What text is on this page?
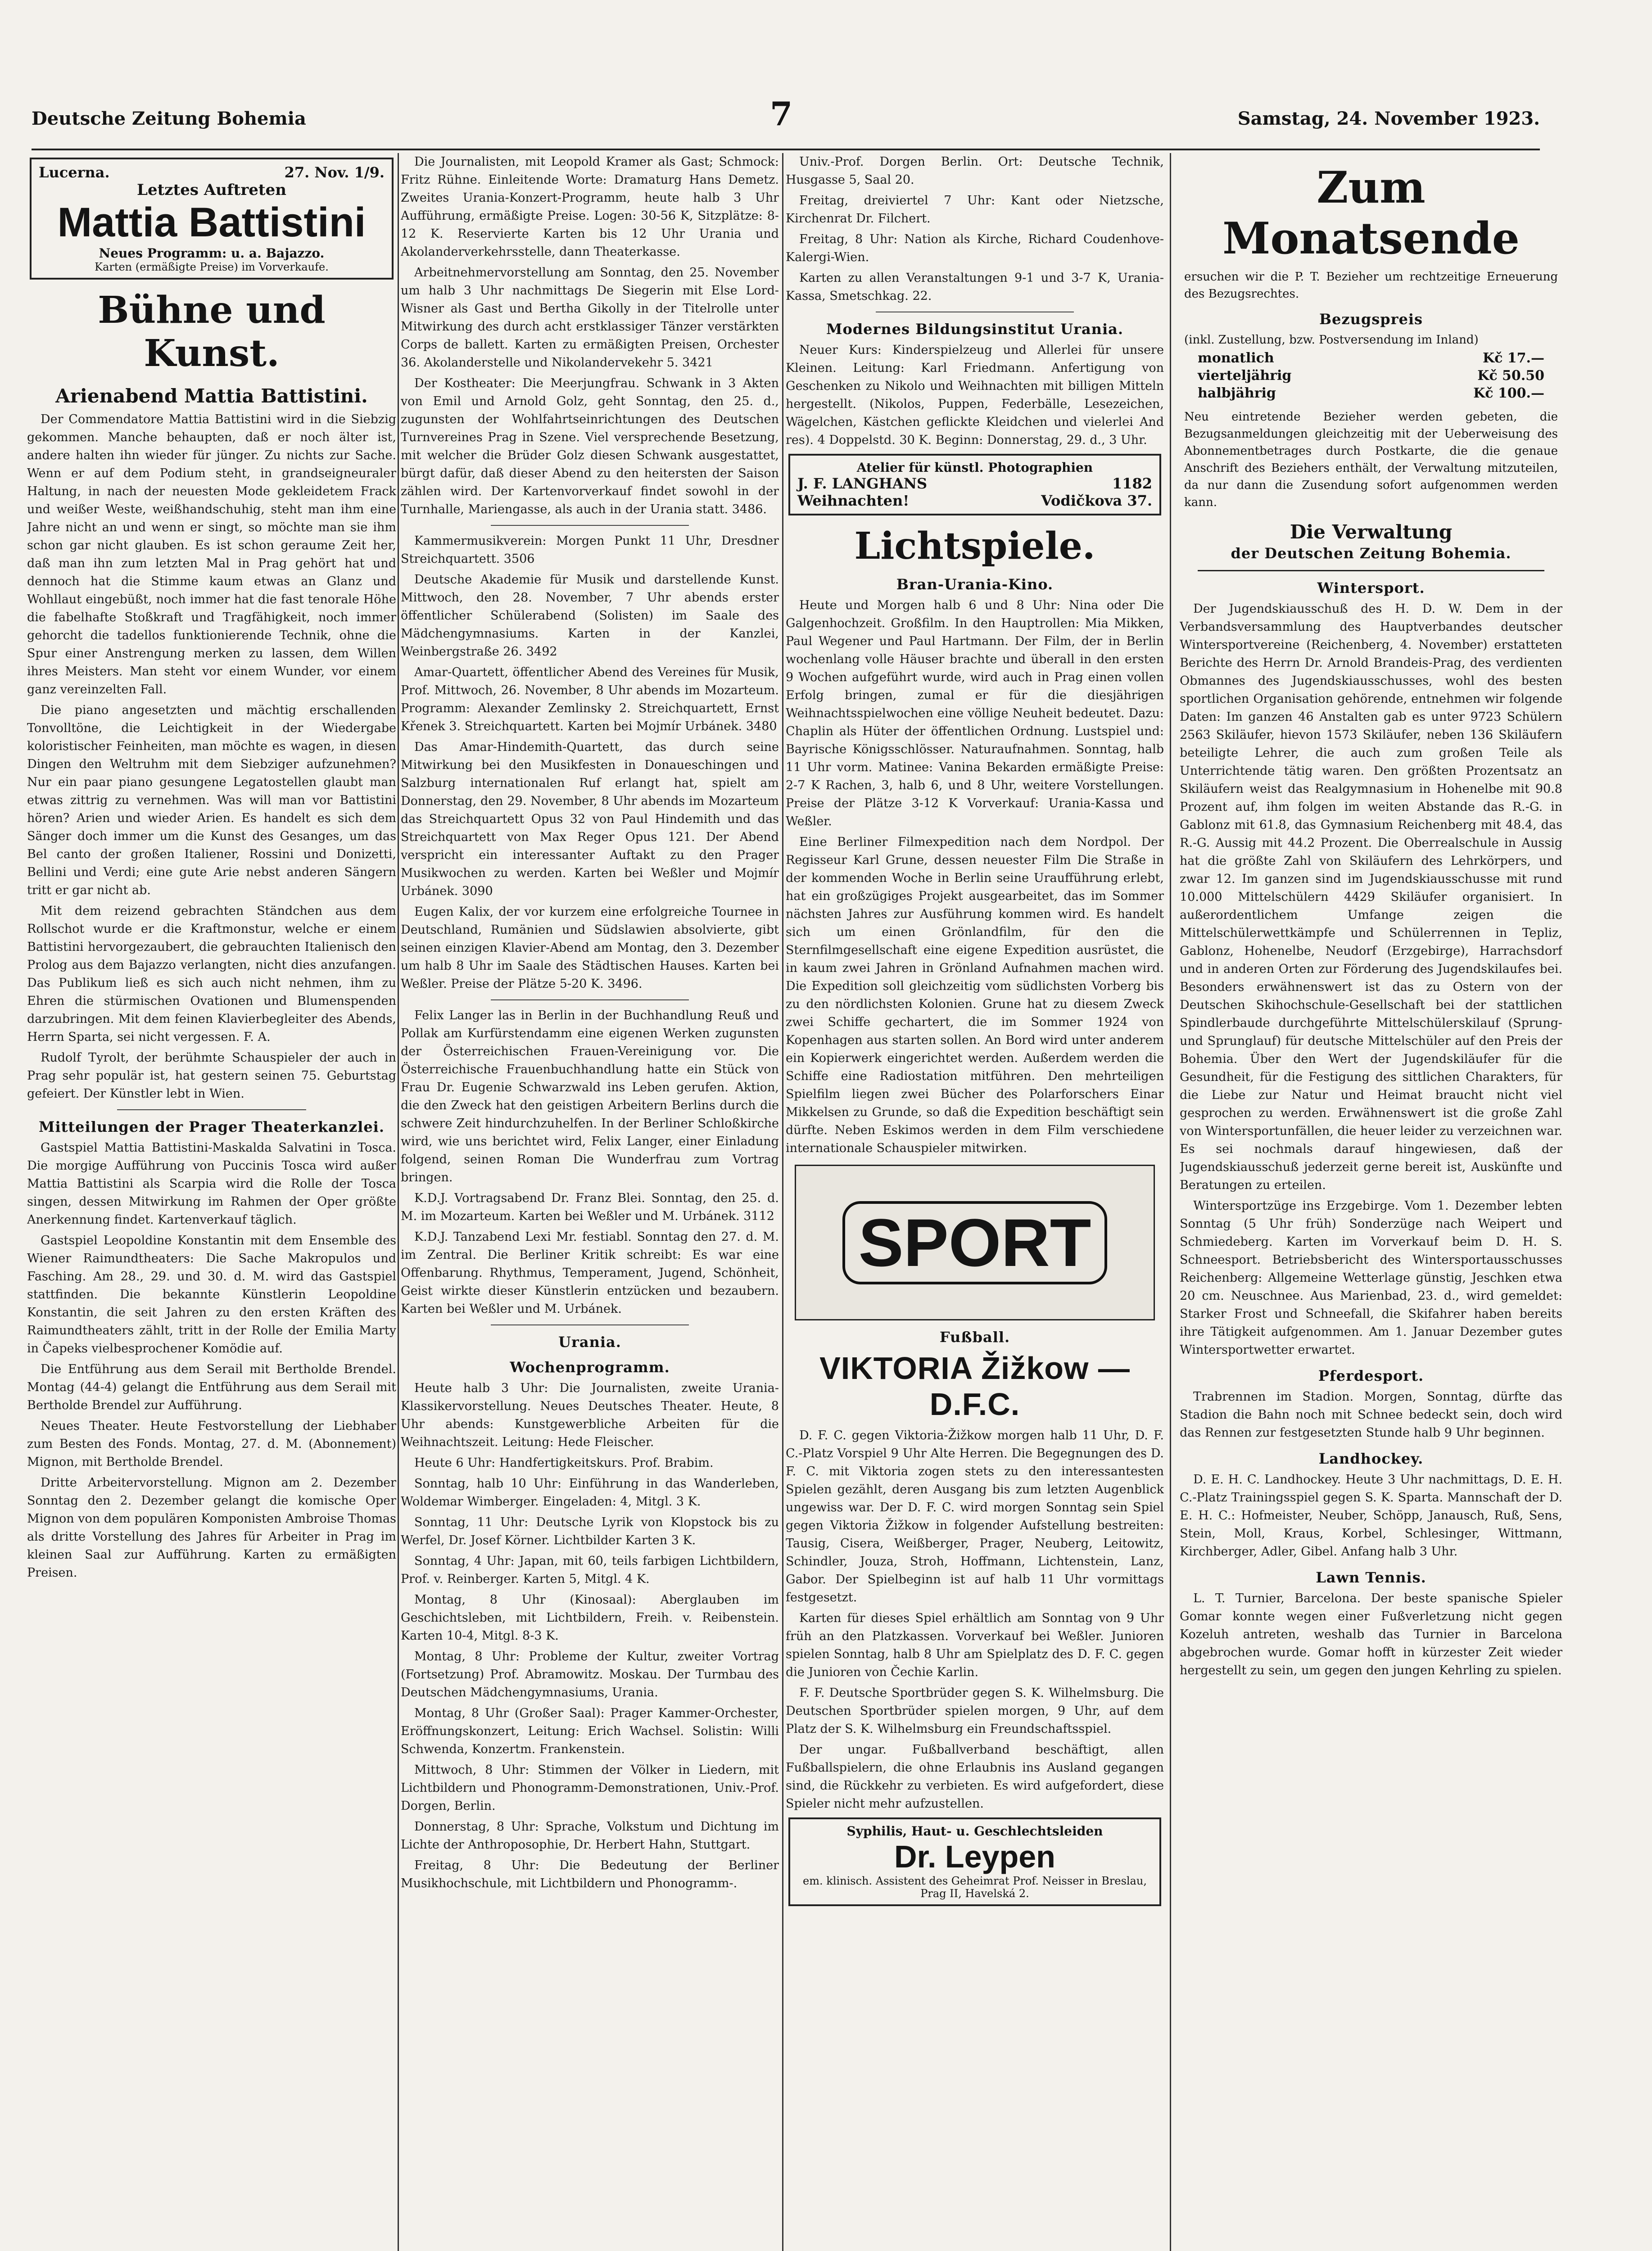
Deutsche Zeitung Bohemia	7	Samstag, 24. November 1923.
Lucerna.	27. Nov. 1/9.
Letztes Auftreten
Mattia Battistini
Neues Programm: u. a. Bajazzo.
Karten (ermäßigte Preise) im Vorverkaufe.
Bühne und Kunst.
Arienabend Mattia Battistini.

Der Commendatore Mattia Battistini wird in die Siebzig gekommen. Manche behaupten, daß er noch älter ist, andere halten ihn wieder für jünger. Zu nichts zur Sache. Wenn er auf dem Podium steht, in grandseigneuraler Haltung, in nach der neuesten Mode gekleidetem Frack und weißer Weste, weißhandschuhig, steht man ihm eine Jahre nicht an und wenn er singt, so möchte man sie ihm schon gar nicht glauben. Es ist schon geraume Zeit her, daß man ihn zum letzten Mal in Prag gehört hat und dennoch hat die Stimme kaum etwas an Glanz und Wohllaut eingebüßt, noch immer hat die fast tenorale Höhe die fabelhafte Stoßkraft und Tragfähigkeit, noch immer gehorcht die tadellos funktionierende Technik, ohne die Spur einer Anstrengung merken zu lassen, dem Willen ihres Meisters. Man steht vor einem Wunder, vor einem ganz vereinzelten Fall.

Die piano angesetzten und mächtig erschallenden Tonvolltöne, die Leichtigkeit in der Wiedergabe koloristischer Feinheiten, man möchte es wagen, in diesen Dingen den Weltruhm mit dem Siebziger aufzunehmen? Nur ein paar piano gesungene Legatostellen glaubt man etwas zittrig zu vernehmen. Was will man vor Battistini hören? Arien und wieder Arien. Es handelt es sich dem Sänger doch immer um die Kunst des Gesanges, um das Bel canto der großen Italiener, Rossini und Donizetti, Bellini und Verdi; eine gute Arie nebst anderen Sängern tritt er gar nicht ab.

Mit dem reizend gebrachten Ständchen aus dem Rollschot wurde er die Kraftmonstur, welche er einem Battistini hervorgezaubert, die gebrauchten Italienisch den Prolog aus dem Bajazzo verlangten, nicht dies anzufangen. Das Publikum ließ es sich auch nicht nehmen, ihm zu Ehren die stürmischen Ovationen und Blumenspenden darzubringen. Mit dem feinen Klavierbegleiter des Abends, Herrn Sparta, sei nicht vergessen. F. A.

Rudolf Tyrolt, der berühmte Schauspieler der auch in Prag sehr populär ist, hat gestern seinen 75. Geburtstag gefeiert. Der Künstler lebt in Wien.

Mitteilungen der Prager Theaterkanzlei.

Gastspiel Mattia Battistini-Maskalda Salvatini in Tosca. Die morgige Aufführung von Puccinis Tosca wird außer Mattia Battistini als Scarpia wird die Rolle der Tosca singen, dessen Mitwirkung im Rahmen der Oper größte Anerkennung findet. Kartenverkauf täglich.

Gastspiel Leopoldine Konstantin mit dem Ensemble des Wiener Raimundtheaters: Die Sache Makropulos und Fasching. Am 28., 29. und 30. d. M. wird das Gastspiel stattfinden. Die bekannte Künstlerin Leopoldine Konstantin, die seit Jahren zu den ersten Kräften des Raimundtheaters zählt, tritt in der Rolle der Emilia Marty in Čapeks vielbesprochener Komödie auf.

Die Entführung aus dem Serail mit Bertholde Brendel. Montag (44-4) gelangt die Entführung aus dem Serail mit Bertholde Brendel zur Aufführung.

Neues Theater. Heute Festvorstellung der Liebhaber zum Besten des Fonds. Montag, 27. d. M. (Abonnement) Mignon, mit Bertholde Brendel.

Dritte Arbeitervorstellung. Mignon am 2. Dezember Sonntag den 2. Dezember gelangt die komische Oper Mignon von dem populären Komponisten Ambroise Thomas als dritte Vorstellung des Jahres für Arbeiter in Prag im kleinen Saal zur Aufführung. Karten zu ermäßigten Preisen.

Die Journalisten, mit Leopold Kramer als Gast; Schmock: Fritz Rühne. Einleitende Worte: Dramaturg Hans Demetz. Zweites Urania-Konzert-Programm, heute halb 3 Uhr Aufführung, ermäßigte Preise. Logen: 30-56 K, Sitzplätze: 8-12 K. Reservierte Karten bis 12 Uhr Urania und Akolanderverkehrsstelle, dann Theaterkasse.

Arbeitnehmervorstellung am Sonntag, den 25. November um halb 3 Uhr nachmittags De Siegerin mit Else Lord-Wisner als Gast und Bertha Gikolly in der Titelrolle unter Mitwirkung des durch acht erstklassiger Tänzer verstärkten Corps de ballett. Karten zu ermäßigten Preisen, Orchester 36. Akolanderstelle und Nikolandervekehr 5. 3421

Der Kostheater: Die Meerjungfrau. Schwank in 3 Akten von Emil und Arnold Golz, geht Sonntag, den 25. d., zugunsten der Wohlfahrtseinrichtungen des Deutschen Turnvereines Prag in Szene. Viel versprechende Besetzung, mit welcher die Brüder Golz diesen Schwank ausgestattet, bürgt dafür, daß dieser Abend zu den heitersten der Saison zählen wird. Der Kartenvorverkauf findet sowohl in der Turnhalle, Mariengasse, als auch in der Urania statt. 3486.

Kammermusikverein: Morgen Punkt 11 Uhr, Dresdner Streichquartett. 3506

Deutsche Akademie für Musik und darstellende Kunst. Mittwoch, den 28. November, 7 Uhr abends erster öffentlicher Schülerabend (Solisten) im Saale des Mädchengymnasiums. Karten in der Kanzlei, Weinbergstraße 26. 3492

Amar-Quartett, öffentlicher Abend des Vereines für Musik, Prof. Mittwoch, 26. November, 8 Uhr abends im Mozarteum. Programm: Alexander Zemlinsky 2. Streichquartett, Ernst Křenek 3. Streichquartett. Karten bei Mojmír Urbánek. 3480

Das Amar-Hindemith-Quartett, das durch seine Mitwirkung bei den Musikfesten in Donaueschingen und Salzburg internationalen Ruf erlangt hat, spielt am Donnerstag, den 29. November, 8 Uhr abends im Mozarteum das Streichquartett Opus 32 von Paul Hindemith und das Streichquartett von Max Reger Opus 121. Der Abend verspricht ein interessanter Auftakt zu den Prager Musikwochen zu werden. Karten bei Weßler und Mojmír Urbánek. 3090

Eugen Kalix, der vor kurzem eine erfolgreiche Tournee in Deutschland, Rumänien und Südslawien absolvierte, gibt seinen einzigen Klavier-Abend am Montag, den 3. Dezember um halb 8 Uhr im Saale des Städtischen Hauses. Karten bei Weßler. Preise der Plätze 5-20 K. 3496.

Felix Langer las in Berlin in der Buchhandlung Reuß und Pollak am Kurfürstendamm eine eigenen Werken zugunsten der Österreichischen Frauen-Vereinigung vor. Die Österreichische Frauenbuchhandlung hatte ein Stück von Frau Dr. Eugenie Schwarzwald ins Leben gerufen. Aktion, die den Zweck hat den geistigen Arbeitern Berlins durch die schwere Zeit hindurchzuhelfen. In der Berliner Schloßkirche wird, wie uns berichtet wird, Felix Langer, einer Einladung folgend, seinen Roman Die Wunderfrau zum Vortrag bringen.

K.D.J. Vortragsabend Dr. Franz Blei. Sonntag, den 25. d. M. im Mozarteum. Karten bei Weßler und M. Urbánek. 3112

K.D.J. Tanzabend Lexi Mr. festiabl. Sonntag den 27. d. M. im Zentral. Die Berliner Kritik schreibt: Es war eine Offenbarung. Rhythmus, Temperament, Jugend, Schönheit, Geist wirkte dieser Künstlerin entzücken und bezaubern. Karten bei Weßler und M. Urbánek.

Urania.
Wochenprogramm.

Heute halb 3 Uhr: Die Journalisten, zweite Urania-Klassikervorstellung. Neues Deutsches Theater. Heute, 8 Uhr abends: Kunstgewerbliche Arbeiten für die Weihnachtszeit. Leitung: Hede Fleischer.

Heute 6 Uhr: Handfertigkeitskurs. Prof. Brabim.

Sonntag, halb 10 Uhr: Einführung in das Wanderleben, Woldemar Wimberger. Eingeladen: 4, Mitgl. 3 K.

Sonntag, 11 Uhr: Deutsche Lyrik von Klopstock bis zu Werfel, Dr. Josef Körner. Lichtbilder Karten 3 K.

Sonntag, 4 Uhr: Japan, mit 60, teils farbigen Lichtbildern, Prof. v. Reinberger. Karten 5, Mitgl. 4 K.

Montag, 8 Uhr (Kinosaal): Aberglauben im Geschichtsleben, mit Lichtbildern, Freih. v. Reibenstein. Karten 10-4, Mitgl. 8-3 K.

Montag, 8 Uhr: Probleme der Kultur, zweiter Vortrag (Fortsetzung) Prof. Abramowitz. Moskau. Der Turmbau des Deutschen Mädchengymnasiums, Urania.

Montag, 8 Uhr (Großer Saal): Prager Kammer-Orchester, Eröffnungskonzert, Leitung: Erich Wachsel. Solistin: Willi Schwenda, Konzertm. Frankenstein.

Mittwoch, 8 Uhr: Stimmen der Völker in Liedern, mit Lichtbildern und Phonogramm-Demonstrationen, Univ.-Prof. Dorgen, Berlin.

Donnerstag, 8 Uhr: Sprache, Volkstum und Dichtung im Lichte der Anthroposophie, Dr. Herbert Hahn, Stuttgart.

Freitag, 8 Uhr: Die Bedeutung der Berliner Musikhochschule, mit Lichtbildern und Phonogramm-.

Univ.-Prof. Dorgen Berlin. Ort: Deutsche Technik, Husgasse 5, Saal 20.

Freitag, dreiviertel 7 Uhr: Kant oder Nietzsche, Kirchenrat Dr. Filchert.

Freitag, 8 Uhr: Nation als Kirche, Richard Coudenhove-Kalergi-Wien.

Karten zu allen Veranstaltungen 9-1 und 3-7 K, Urania-Kassa, Smetschkag. 22.

Modernes Bildungsinstitut Urania.

Neuer Kurs: Kinderspielzeug und Allerlei für unsere Kleinen. Leitung: Karl Friedmann. Anfertigung von Geschenken zu Nikolo und Weihnachten mit billigen Mitteln hergestellt. (Nikolos, Puppen, Federbälle, Lesezeichen, Wägelchen, Kästchen geflickte Kleidchen und vielerlei And res). 4 Doppelstd. 30 K. Beginn: Donnerstag, 29. d., 3 Uhr.

Atelier für künstl. Photographien
J. F. LANGHANS	1182
Weihnachten!	Vodičkova 37.
Lichtspiele.
Bran-Urania-Kino.

Heute und Morgen halb 6 und 8 Uhr: Nina oder Die Galgenhochzeit. Großfilm. In den Hauptrollen: Mia Mikken, Paul Wegener und Paul Hartmann. Der Film, der in Berlin wochenlang volle Häuser brachte und überall in den ersten 9 Wochen aufgeführt wurde, wird auch in Prag einen vollen Erfolg bringen, zumal er für die diesjährigen Weihnachtsspielwochen eine völlige Neuheit bedeutet. Dazu: Chaplin als Hüter der öffentlichen Ordnung. Lustspiel und: Bayrische Königsschlösser. Naturaufnahmen. Sonntag, halb 11 Uhr vorm. Matinee: Vanina Bekarden ermäßigte Preise: 2-7 K Rachen, 3, halb 6, und 8 Uhr, weitere Vorstellungen. Preise der Plätze 3-12 K Vorverkauf: Urania-Kassa und Weßler.

Eine Berliner Filmexpedition nach dem Nordpol. Der Regisseur Karl Grune, dessen neuester Film Die Straße in der kommenden Woche in Berlin seine Uraufführung erlebt, hat ein großzügiges Projekt ausgearbeitet, das im Sommer nächsten Jahres zur Ausführung kommen wird. Es handelt sich um einen Grönlandfilm, für den die Sternfilmgesellschaft eine eigene Expedition ausrüstet, die in kaum zwei Jahren in Grönland Aufnahmen machen wird. Die Expedition soll gleichzeitig vom südlichsten Vorberg bis zu den nördlichsten Kolonien. Grune hat zu diesem Zweck zwei Schiffe gechartert, die im Sommer 1924 von Kopenhagen aus starten sollen. An Bord wird unter anderem ein Kopierwerk eingerichtet werden. Außerdem werden die Schiffe eine Radiostation mitführen. Den mehrteiligen Spielfilm liegen zwei Bücher des Polarforschers Einar Mikkelsen zu Grunde, so daß die Expedition beschäftigt sein dürfte. Neben Eskimos werden in dem Film verschiedene internationale Schauspieler mitwirken.

SPORT
Fußball.
VIKTORIA Žižkow — D.F.C.

D. F. C. gegen Viktoria-Žižkow morgen halb 11 Uhr, D. F. C.-Platz Vorspiel 9 Uhr Alte Herren. Die Begegnungen des D. F. C. mit Viktoria zogen stets zu den interessantesten Spielen gezählt, deren Ausgang bis zum letzten Augenblick ungewiss war. Der D. F. C. wird morgen Sonntag sein Spiel gegen Viktoria Žižkow in folgender Aufstellung bestreiten: Tausig, Cisera, Weißberger, Prager, Neuberg, Leitowitz, Schindler, Jouza, Stroh, Hoffmann, Lichtenstein, Lanz, Gabor. Der Spielbeginn ist auf halb 11 Uhr vormittags festgesetzt.

Karten für dieses Spiel erhältlich am Sonntag von 9 Uhr früh an den Platzkassen. Vorverkauf bei Weßler. Junioren spielen Sonntag, halb 8 Uhr am Spielplatz des D. F. C. gegen die Junioren von Čechie Karlin.

F. F. Deutsche Sportbrüder gegen S. K. Wilhelmsburg. Die Deutschen Sportbrüder spielen morgen, 9 Uhr, auf dem Platz der S. K. Wilhelmsburg ein Freundschaftsspiel.

Der ungar. Fußballverband beschäftigt, allen Fußballspielern, die ohne Erlaubnis ins Ausland gegangen sind, die Rückkehr zu verbieten. Es wird aufgefordert, diese Spieler nicht mehr aufzustellen.

Syphilis, Haut- u. Geschlechtsleiden
Dr. Leypen
em. klinisch. Assistent des Geheimrat Prof. Neisser in Breslau, Prag II, Havelská 2.
Zum Monatsende

ersuchen wir die P. T. Bezieher um rechtzeitige Erneuerung des Bezugsrechtes.

Bezugspreis

(inkl. Zustellung, bzw. Postversendung im Inland)

monatlich	Kč 17.—
vierteljährig	Kč 50.50
halbjährig	Kč 100.—

Neu eintretende Bezieher werden gebeten, die Bezugsanmeldungen gleichzeitig mit der Ueberweisung des Abonnementbetrages durch Postkarte, die die genaue Anschrift des Beziehers enthält, der Verwaltung mitzuteilen, da nur dann die Zusendung sofort aufgenommen werden kann.

Die Verwaltung
der Deutschen Zeitung Bohemia.
Wintersport.

Der Jugendskiausschuß des H. D. W. Dem in der Verbandsversammlung des Hauptverbandes deutscher Wintersportvereine (Reichenberg, 4. November) erstatteten Berichte des Herrn Dr. Arnold Brandeis-Prag, des verdienten Obmannes des Jugendskiausschusses, wohl des besten sportlichen Organisation gehörende, entnehmen wir folgende Daten: Im ganzen 46 Anstalten gab es unter 9723 Schülern 2563 Skiläufer, hievon 1573 Skiläufer, neben 136 Skiläufern beteiligte Lehrer, die auch zum großen Teile als Unterrichtende tätig waren. Den größten Prozentsatz an Skiläufern weist das Realgymnasium in Hohenelbe mit 90.8 Prozent auf, ihm folgen im weiten Abstande das R.-G. in Gablonz mit 61.8, das Gymnasium Reichenberg mit 48.4, das R.-G. Aussig mit 44.2 Prozent. Die Oberrealschule in Aussig hat die größte Zahl von Skiläufern des Lehrkörpers, und zwar 12. Im ganzen sind im Jugendskiausschusse mit rund 10.000 Mittelschülern 4429 Skiläufer organisiert. In außerordentlichem Umfange zeigen die Mittelschülerwettkämpfe und Schülerrennen in Tepliz, Gablonz, Hohenelbe, Neudorf (Erzgebirge), Harrachsdorf und in anderen Orten zur Förderung des Jugendskilaufes bei. Besonders erwähnenswert ist das zu Ostern von der Deutschen Skihochschule-Gesellschaft bei der stattlichen Spindlerbaude durchgeführte Mittelschülerskilauf (Sprung- und Sprunglauf) für deutsche Mittelschüler auf den Preis der Bohemia. Über den Wert der Jugendskiläufer für die Gesundheit, für die Festigung des sittlichen Charakters, für die Liebe zur Natur und Heimat braucht nicht viel gesprochen zu werden. Erwähnenswert ist die große Zahl von Wintersportunfällen, die heuer leider zu verzeichnen war. Es sei nochmals darauf hingewiesen, daß der Jugendskiausschuß jederzeit gerne bereit ist, Auskünfte und Beratungen zu erteilen.

Wintersportzüge ins Erzgebirge. Vom 1. Dezember lebten Sonntag (5 Uhr früh) Sonderzüge nach Weipert und Schmiedeberg. Karten im Vorverkauf beim D. H. S. Schneesport. Betriebsbericht des Wintersportausschusses Reichenberg: Allgemeine Wetterlage günstig, Jeschken etwa 20 cm. Neuschnee. Aus Marienbad, 23. d., wird gemeldet: Starker Frost und Schneefall, die Skifahrer haben bereits ihre Tätigkeit aufgenommen. Am 1. Januar Dezember gutes Wintersportwetter erwartet.

Pferdesport.

Trabrennen im Stadion. Morgen, Sonntag, dürfte das Stadion die Bahn noch mit Schnee bedeckt sein, doch wird das Rennen zur festgesetzten Stunde halb 9 Uhr beginnen.

Landhockey.

D. E. H. C. Landhockey. Heute 3 Uhr nachmittags, D. E. H. C.-Platz Trainingsspiel gegen S. K. Sparta. Mannschaft der D. E. H. C.: Hofmeister, Neuber, Schöpp, Janausch, Ruß, Sens, Stein, Moll, Kraus, Korbel, Schlesinger, Wittmann, Kirchberger, Adler, Gibel. Anfang halb 3 Uhr.

Lawn Tennis.

L. T. Turnier, Barcelona. Der beste spanische Spieler Gomar konnte wegen einer Fußverletzung nicht gegen Kozeluh antreten, weshalb das Turnier in Barcelona abgebrochen wurde. Gomar hofft in kürzester Zeit wieder hergestellt zu sein, um gegen den jungen Kehrling zu spielen.
